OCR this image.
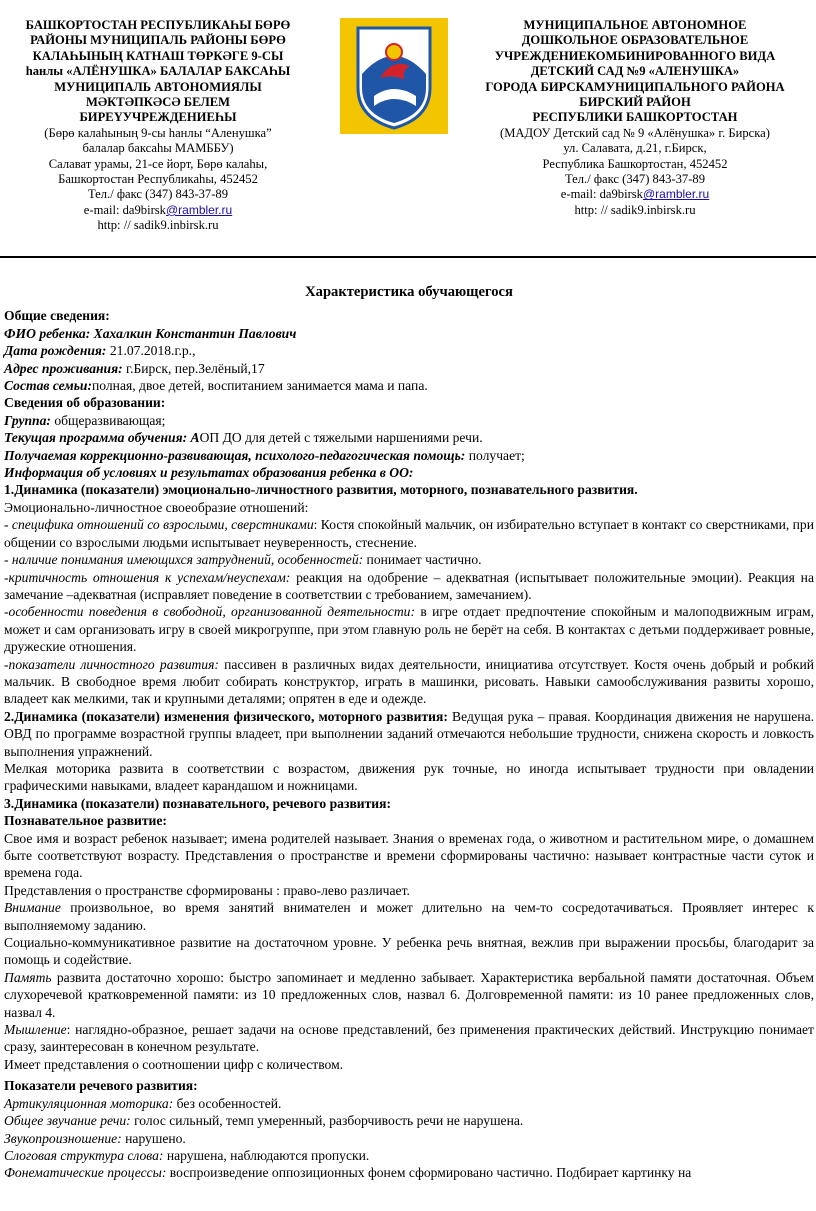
БАШКОРТОСТАН РЕСПУБЛИКАҺЫ БӨРӨ
РАЙОНЫ МУНИЦИПАЛЬ РАЙОНЫ БӨРӨ
КАЛАҺЫНЫҢ КАТНАШ ТӨРКӘГЕ 9-СЫ
һанлы «АЛЁНУШКА» БАЛАЛАР БАКСАҺЫ
МУНИЦИПАЛЬ АВТОНОМИЯЛЫ
МӘКТӘПКӘСӘ БЕЛЕМ
БИРЕҮУЧРЕЖДЕНИЕҺЫ
(Бөрө калаһының 9-сы һанлы “Аленушка”
балалар баксаһы МАМББУ)
Салават урамы, 21-се йорт, Бөрө калаһы,
Башкортостан Республикаһы, 452452
Тел./ факс (347) 843-37-89
e-mail: da9birsk@rambler.ru
http: // sadik9.inbirsk.ru
МУНИЦИПАЛЬНОЕ АВТОНОМНОЕ
ДОШКОЛЬНОЕ ОБРАЗОВАТЕЛЬНОЕ
УЧРЕЖДЕНИЕКОМБИНИРОВАННОГО ВИДА
ДЕТСКИЙ САД №9 «АЛЕНУШКА»
ГОРОДА БИРСКАМУНИЦИПАЛЬНОГО РАЙОНА
БИРСКИЙ РАЙОН
РЕСПУБЛИКИ БАШКОРТОСТАН
(МАДОУ Детский сад № 9 «Алёнушка» г. Бирска)
ул. Салавата, д.21, г.Бирск,
Республика Башкортостан, 452452
Тел./ факс (347) 843-37-89
e-mail: da9birsk@rambler.ru
http: // sadik9.inbirsk.ru
Характеристика обучающегося

Общие сведения:

ФИО ребенка: Хахалкин Константин Павлович

Дата рождения: 21.07.2018.г.р.,

Адрес проживания: г.Бирск, пер.Зелёный,17

Состав семьи:полная, двое детей, воспитанием занимается мама и папа.

Сведения об образовании:

Группа: общеразвивающая;

Текущая программа обучения: АОП ДО для детей с тяжелыми наршениями речи.

Получаемая коррекционно-развивающая, психолого-педагогическая помощь: получает;

Информация об условиях и результатах образования ребенка в ОО:

1.Динамика (показатели) эмоционально-личностного развития, моторного, познавательного развития.

Эмоционально-личностное своеобразие отношений:

- специфика отношений со взрослыми, сверстниками: Костя спокойный мальчик, он избирательно вступает в контакт со сверстниками, при общении со взрослыми людьми испытывает неуверенность, стеснение.

- наличие понимания имеющихся затруднений, особенностей: понимает частично.

-критичность отношения к успехам/неуспехам: реакция на одобрение – адекватная (испытывает положительные эмоции). Реакция на замечание –адекватная (исправляет поведение в соответствии с требованием, замечанием).

-особенности поведения в свободной, организованной деятельности: в игре отдает предпочтение спокойным и малоподвижным играм, может и сам организовать игру в своей микрогруппе, при этом главную роль не берёт на себя. В контактах с детьми поддерживает ровные, дружеские отношения.

-показатели личностного развития: пассивен в различных видах деятельности, инициатива отсутствует. Костя очень добрый и робкий мальчик. В свободное время любит собирать конструктор, играть в машинки, рисовать. Навыки самообслуживания развиты хорошо, владеет как мелкими, так и крупными деталями; опрятен в еде и одежде.

2.Динамика (показатели) изменения физического, моторного развития: Ведущая рука – правая. Координация движения не нарушена. ОВД по программе возрастной группы владеет, при выполнении заданий отмечаются небольшие трудности, снижена скорость и ловкость выполнения упражнений.

Мелкая моторика развита в соответствии с возрастом, движения рук точные, но иногда испытывает трудности при овладении графическими навыками, владеет карандашом и ножницами.

3.Динамика (показатели) познавательного, речевого развития:

Познавательное развитие:

Свое имя и возраст ребенок называет; имена родителей называет. Знания о временах года, о животном и растительном мире, о домашнем быте соответствуют возрасту. Представления о пространстве и времени сформированы частично: называет контрастные части суток и времена года.

Представления о пространстве сформированы : право-лево различает.

Внимание произвольное, во время занятий внимателен и может длительно на чем-то сосредотачиваться. Проявляет интерес к выполняемому заданию.

Социально-коммуникативное развитие на достаточном уровне. У ребенка речь внятная, вежлив при выражении просьбы, благодарит за помощь и содействие.

Память развита достаточно хорошо: быстро запоминает и медленно забывает. Характеристика вербальной памяти достаточная. Объем слухоречевой кратковременной памяти: из 10 предложенных слов, назвал 6. Долговременной памяти: из 10 ранее предложенных слов, назвал 4.

Мышление: наглядно-образное, решает задачи на основе представлений, без применения практических действий. Инструкцию понимает сразу, заинтересован в конечном результате.

Имеет представления о соотношении цифр с количеством.

Показатели речевого развития:

Артикуляционная моторика: без особенностей.

Общее звучание речи: голос сильный, темп умеренный, разборчивость речи не нарушена.

Звукопроизношение: нарушено.

Слоговая структура слова: нарушена, наблюдаются пропуски.

Фонематические процессы: воспроизведение оппозиционных фонем сформировано частично. Подбирает картинку на
